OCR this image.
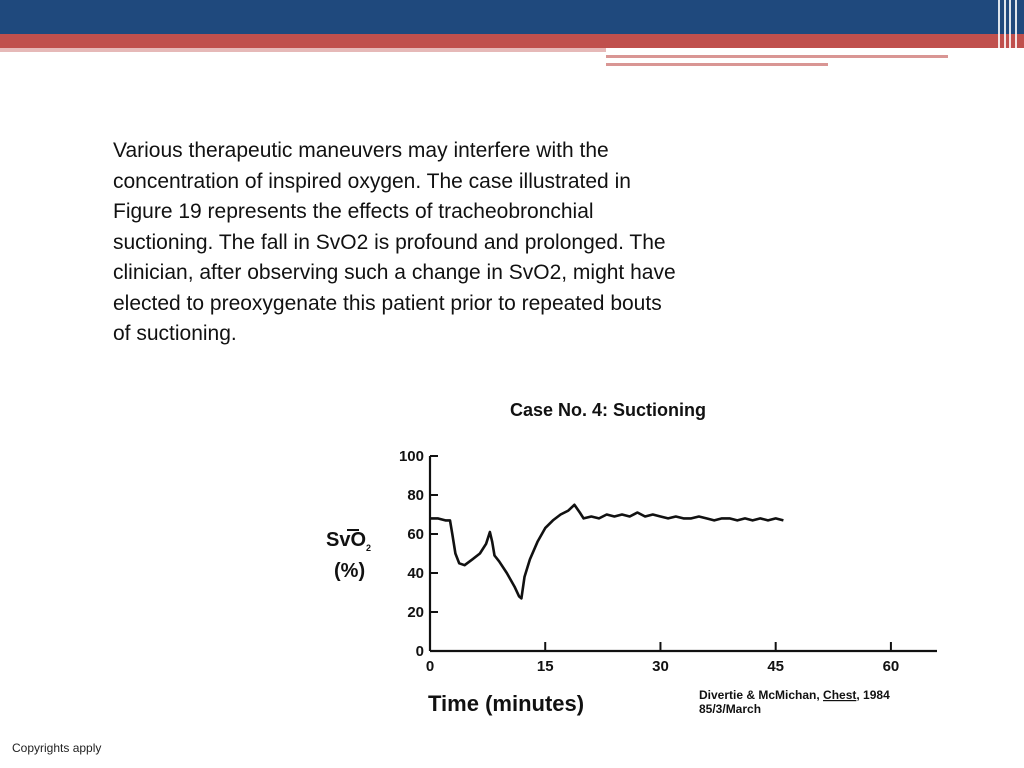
Various therapeutic maneuvers may interfere with the
concentration of inspired oxygen. The case illustrated in
Figure 19 represents the effects of tracheobronchial
suctioning. The fall in SvO2 is profound and prolonged. The
clinician, after observing such a change in SvO2, might have
elected to preoxygenate this patient prior to repeated bouts
of suctioning.

Case No. 4: Suctioning
0
20
40
60
80
100
0	15	30	45	60
SvO$_2$
(%)
Time (minutes)	Divertie & McMichan, Chest, 1984
85/3/March
Copyrights apply
